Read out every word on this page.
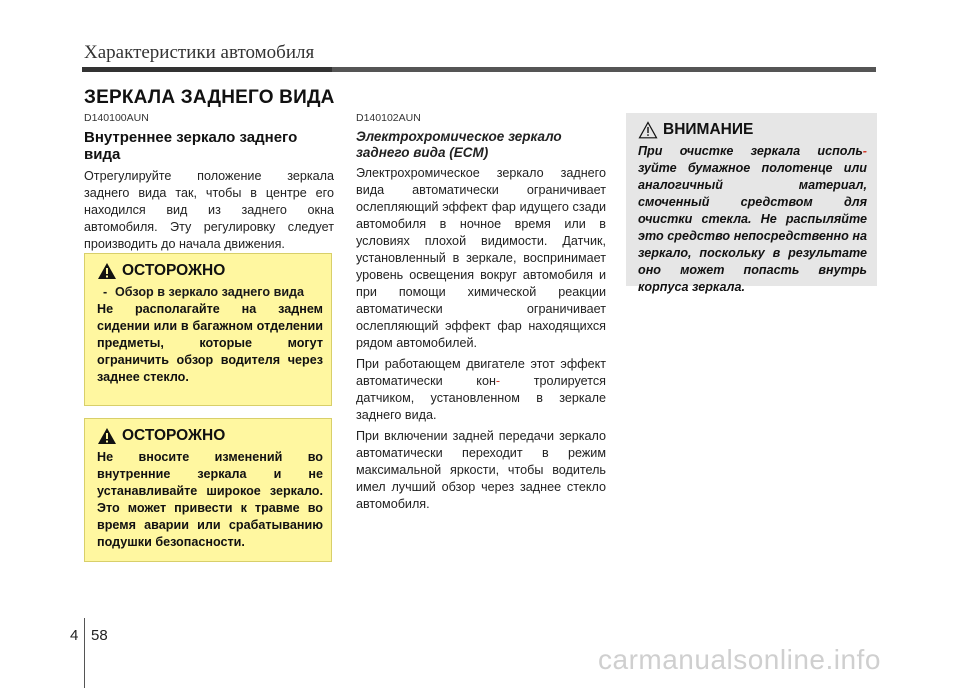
Характеристики автомобиля
ЗЕРКАЛА ЗАДНЕГО ВИДА
D140100AUN
Внутреннее зеркало заднего вида

Отрегулируйте положение зеркала заднего вида так, чтобы в центре его находился вид из заднего окна автомобиля. Эту регулировку следует производить до начала движения.

ОСТОРОЖНО
- Обзор в зеркало заднего вида

Не располагайте на заднем сидении или в багажном отделении предметы, которые могут ограничить обзор водителя через заднее стекло.

ОСТОРОЖНО

Не вносите изменений во внутренние зеркала и не устанавливайте широкое зеркало. Это может привести к травме во время аварии или срабатыванию подушки безопасности.

D140102AUN
Электрохромическое зеркало заднего вида (ECM)

Электрохромическое зеркало заднего вида автоматически ограничивает ослепляющий эффект фар идущего сзади автомобиля в ночное время или в условиях плохой видимости. Датчик, установленный в зеркале, воспринимает уровень освещения вокруг автомобиля и при помощи химической реакции автоматически ограничивает ослепляющий эффект фар находящихся рядом автомобилей.

При работающем двигателе этот эффект автоматически кон-	тролируется датчиком, установленном в зеркале заднего вида.

При включении задней передачи зеркало автоматически переходит в режим максимальной яркости, чтобы водитель имел лучший обзор через заднее стекло автомобиля.

ВНИМАНИЕ

При очистке зеркала исполь- зуйте бумажное полотенце или аналогичный материал, смоченный средством для очистки стекла. Не распыляйте это средство непосредственно на зеркало, поскольку в результате оно может попасть внутрь корпуса зеркала.

4 58
carmanualsonline.info
